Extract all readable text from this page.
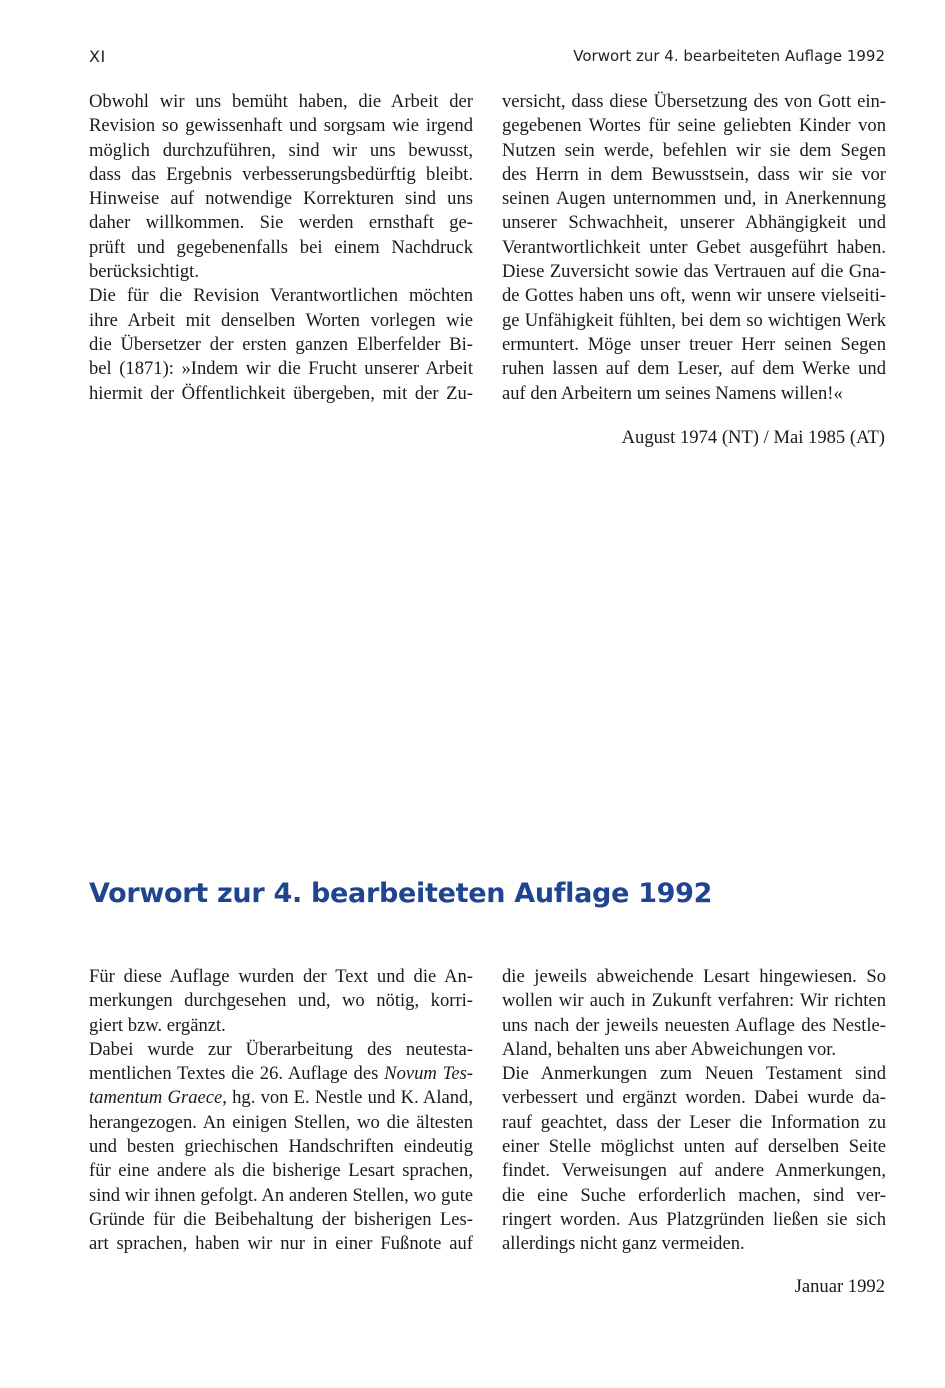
XI	Vorwort zur 4. bearbeiteten Auflage 1992

Obwohl wir uns bemüht haben, die Arbeit der

Revision so gewissenhaft und sorgsam wie irgend

möglich durchzuführen, sind wir uns bewusst,

dass das Ergebnis verbesserungsbedürftig bleibt.

Hinweise auf notwendige Korrekturen sind uns

daher willkommen. Sie werden ernsthaft ge-

prüft und gegebenenfalls bei einem Nachdruck

berücksichtigt.

Die für die Revision Verantwortlichen möchten

ihre Arbeit mit denselben Worten vorlegen wie

die Übersetzer der ersten ganzen Elberfelder Bi-

bel (1871): »Indem wir die Frucht unserer Arbeit

hiermit der Öffentlichkeit übergeben, mit der Zu-

versicht, dass diese Übersetzung des von Gott ein-

gegebenen Wortes für seine geliebten Kinder von

Nutzen sein werde, befehlen wir sie dem Segen

des Herrn in dem Bewusstsein, dass wir sie vor

seinen Augen unternommen und, in Anerkennung

unserer Schwachheit, unserer Abhängigkeit und

Verantwortlichkeit unter Gebet ausgeführt haben.

Diese Zuversicht sowie das Vertrauen auf die Gna-

de Gottes haben uns oft, wenn wir unsere vielseiti-

ge Unfähigkeit fühlten, bei dem so wichtigen Werk

ermuntert. Möge unser treuer Herr seinen Segen

ruhen lassen auf dem Leser, auf dem Werke und

auf den Arbeitern um seines Namens willen!«

August 1974 (NT) / Mai 1985 (AT)
Vorwort zur 4. bearbeiteten Auflage 1992

Für diese Auflage wurden der Text und die An-

merkungen durchgesehen und, wo nötig, korri-

giert bzw. ergänzt.

Dabei wurde zur Überarbeitung des neutesta-

mentlichen Textes die 26. Auflage des Novum Tes-

tamentum Graece, hg. von E. Nestle und K. Aland,

herangezogen. An einigen Stellen, wo die ältesten

und besten griechischen Handschriften eindeutig

für eine andere als die bisherige Lesart sprachen,

sind wir ihnen gefolgt. An anderen Stellen, wo gute

Gründe für die Beibehaltung der bisherigen Les-

art sprachen, haben wir nur in einer Fußnote auf

die jeweils abweichende Lesart hingewiesen. So

wollen wir auch in Zukunft verfahren: Wir richten

uns nach der jeweils neuesten Auflage des Nestle-

Aland, behalten uns aber Abweichungen vor.

Die Anmerkungen zum Neuen Testament sind

verbessert und ergänzt worden. Dabei wurde da-

rauf geachtet, dass der Leser die Information zu

einer Stelle möglichst unten auf derselben Seite

findet. Verweisungen auf andere Anmerkungen,

die eine Suche erforderlich machen, sind ver-

ringert worden. Aus Platzgründen ließen sie sich

allerdings nicht ganz vermeiden.

Januar 1992
